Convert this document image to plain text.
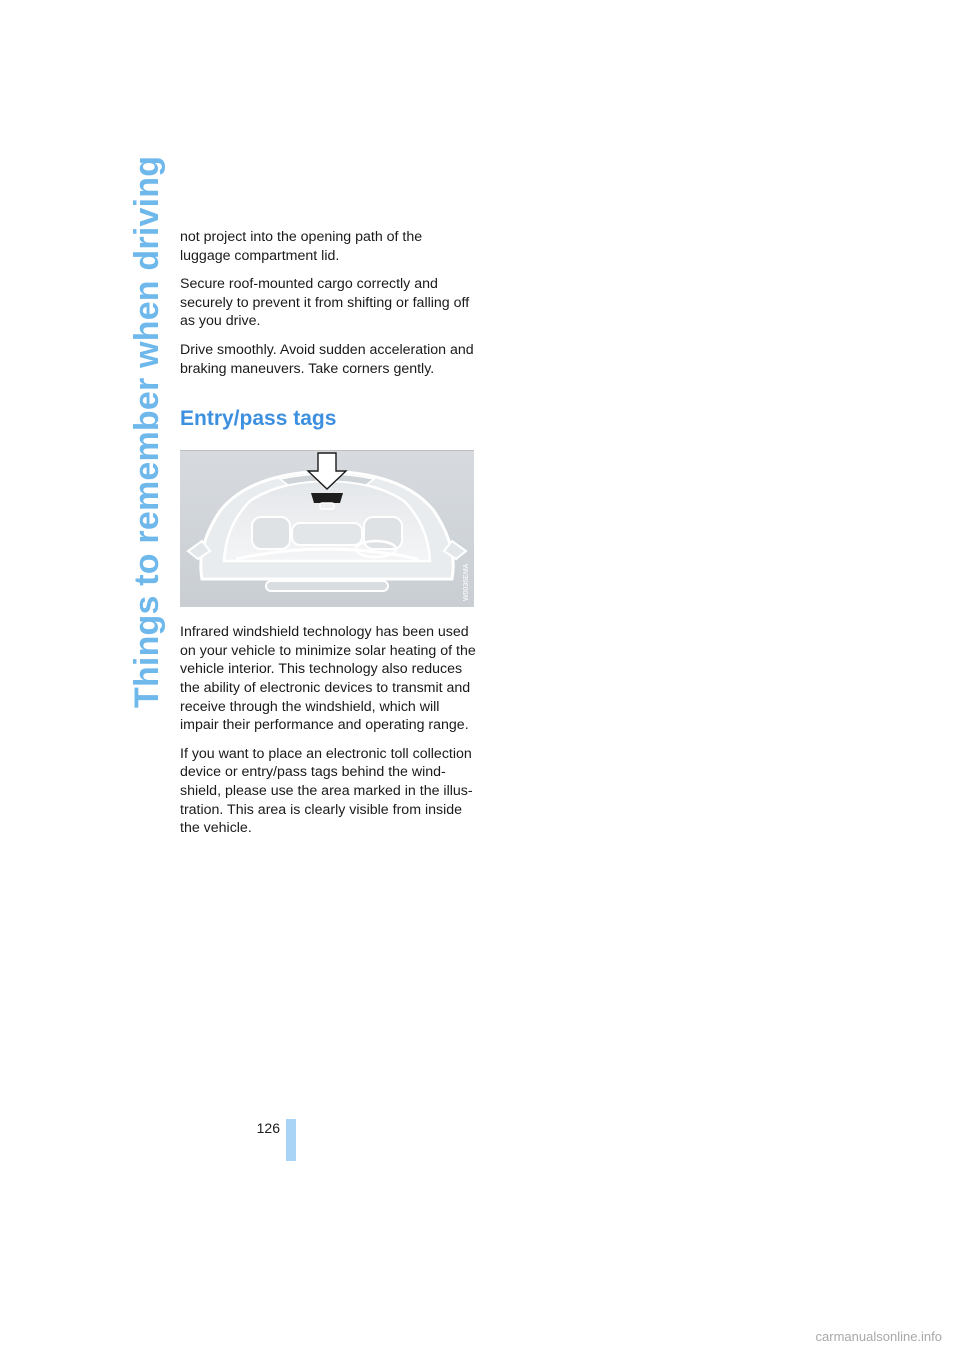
Things to remember when driving not project into the opening path of the luggage compartment lid.

Secure roof-mounted cargo correctly and securely to prevent it from shifting or falling off as you drive.

Drive smoothly. Avoid sudden acceleration and braking maneuvers. Take corners gently.

Entry/pass tags
W0036EMA

Infrared windshield technology has been used on your vehicle to minimize solar heating of the vehicle interior. This technology also reduces the ability of electronic devices to transmit and receive through the windshield, which will impair their performance and operating range.

If you want to place an electronic toll collection device or entry/pass tags behind the wind-shield, please use the area marked in the illus-tration. This area is clearly visible from inside the vehicle.

126
carmanualsonline.info
